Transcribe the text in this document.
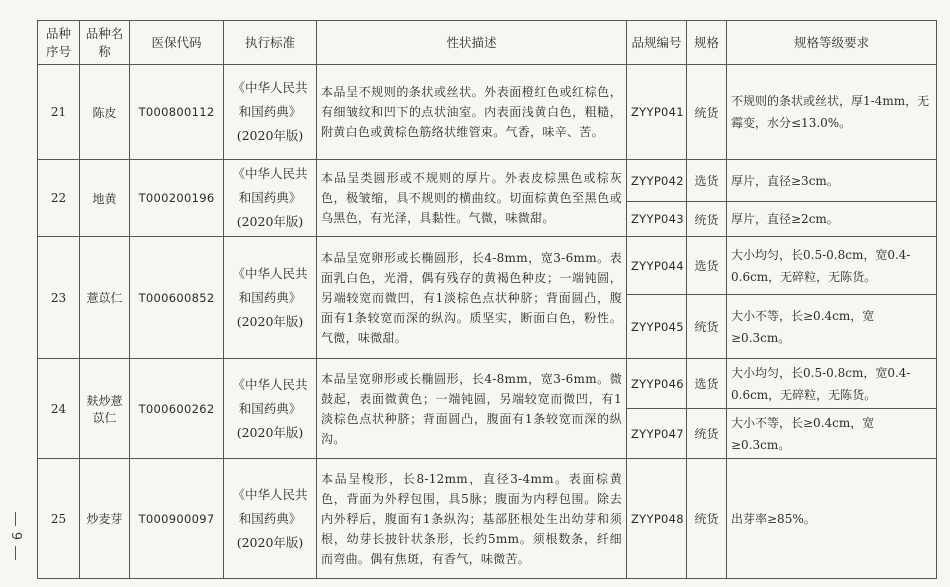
9
品种序号	品种名称	医保代码	执行标准	性状描述	品规编号	规格	规格等级要求
21	陈皮	T000800112	《中华人民共和国药典》(2020年版)	本品呈不规则的条状或丝状。外表面橙红色或红棕色，有细皱纹和凹下的点状油室。内表面浅黄白色，粗糙，附黄白色或黄棕色筋络状维管束。气香，味辛、苦。	ZYYP041	统货	不规则的条状或丝状，厚1-4mm，无霉变，水分≤13.0%。
22	地黄	T000200196	《中华人民共和国药典》(2020年版)	本品呈类圆形或不规则的厚片。外表皮棕黑色或棕灰色，极皱缩，具不规则的横曲纹。切面棕黄色至黑色或乌黑色，有光泽，具黏性。气微，味微甜。	ZYYP042	选货	厚片，直径≥3cm。
					ZYYP043	统货	厚片，直径≥2cm。
23	薏苡仁	T000600852	《中华人民共和国药典》(2020年版)	本品呈宽卵形或长椭圆形，长4-8mm，宽3-6mm。表面乳白色，光滑，偶有残存的黄褐色种皮；一端钝圆，另端较宽而微凹，有1淡棕色点状种脐；背面圆凸，腹面有1条较宽而深的纵沟。质坚实，断面白色，粉性。气微，味微甜。	ZYYP044	选货	大小均匀，长0.5-0.8cm，宽0.4-0.6cm，无碎粒，无陈货。
					ZYYP045	统货	大小不等，长≥0.4cm，宽≥0.3cm。
24	麸炒薏苡仁	T000600262	《中华人民共和国药典》(2020年版)	本品呈宽卵形或长椭圆形，长4-8mm，宽3-6mm。微鼓起，表面微黄色；一端钝圆，另端较宽而微凹，有1淡棕色点状种脐；背面圆凸，腹面有1条较宽而深的纵沟。	ZYYP046	选货	大小均匀，长0.5-0.8cm，宽0.4-0.6cm，无碎粒，无陈货。
					ZYYP047	统货	大小不等，长≥0.4cm，宽≥0.3cm。
25	炒麦芽	T000900097	《中华人民共和国药典》(2020年版)	本品呈梭形，长8-12mm，直径3-4mm。表面棕黄色，背面为外稃包围，具5脉；腹面为内稃包围。除去内外稃后，腹面有1条纵沟；基部胚根处生出幼芽和须根，幼芽长披针状条形，长约5mm。须根数条，纤细而弯曲。偶有焦斑，有香气，味微苦。	ZYYP048	统货	出芽率≥85%。
